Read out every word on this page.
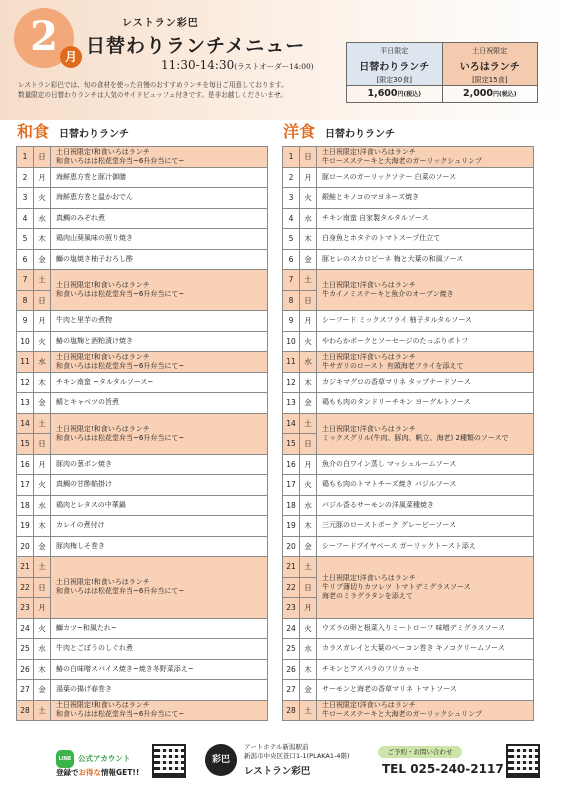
2 月
レストラン彩巴
日替わりランチメニュー
11:30-14:30(ラストオーダー14:00)
レストラン彩巴では、旬の食材を使った自慢のおすすめランチを毎日ご用意しております。
数量限定の日替わりランチは人気のサイドビュッフェ付きです。是非お越しくださいませ。
平日限定
日替わりランチ
[限定30食]
土日祝限定
いろはランチ
[限定15食]
1,600円(税込)	2,000円(税込)
和食 日替わりランチ	洋食 日替わりランチ
1	日	土日祝限定!和食いろはランチ
和食いろはは松花堂弁当~6升弁当にて~

2	月	海鮮恵方巻と豚汁御膳

3	火	海鮮恵方巻と温かおでん

4	水	真鯛のみぞれ煮

5	木	鶏肉山葵風味の照り焼き

6	金	鰤の塩焼き柚子おろし酢

7	土	土日祝限定!和食いろはランチ
和食いろはは松花堂弁当~6升弁当にて~

8	日	
9	月	牛肉と里芋の煮物

10	火	鰆の塩麹と酒粕漬け焼き

11	水	土日祝限定!和食いろはランチ
和食いろはは松花堂弁当~6升弁当にて~

12	木	チキン南蛮 ~タルタルソース~

13	金	鯖とキャベツの旨煮

14	土	土日祝限定!和食いろはランチ
和食いろはは松花堂弁当~6升弁当にて~

15	日	
16	月	豚肉の葱ポン焼き

17	火	真鯛の甘酢餡掛け

18	水	鶏肉とレタスの中華鍋

19	木	カレイの煮付け

20	金	豚肉梅しそ巻き

21	土	土日祝限定!和食いろはランチ
和食いろはは松花堂弁当~6升弁当にて~

22	日	
23	月	
24	火	鰤カツ~和風たれ~

25	水	牛肉とごぼうのしぐれ煮

26	木	鰆の白味噌スパイス焼き~焼き冬野菜添え~

27	金	湯葉の揚げ春巻き

28	土	土日祝限定!和食いろはランチ
和食いろはは松花堂弁当~6升弁当にて~
1	日	土日祝限定!洋食いろはランチ
牛ロースステーキと大海老のガーリックシュリンプ

2	月	豚ロースのガーリックソテー 白菜のソース

3	火	銀鮭とキノコのマヨネーズ焼き

4	水	チキン南蛮 自家製タルタルソース

5	木	白身魚とホタテのトマトスープ仕立て

6	金	豚ヒレのスカロピーネ 梅と大葉の和風ソース

7	土	土日祝限定!洋食いろはランチ
牛カイノミステーキと魚介のオーブン焼き

8	日	
9	月	シーフード ミックスフライ 柚子タルタルソース

10	火	やわらかポークとソーセージのたっぷりポトフ

11	水	土日祝限定!洋食いろはランチ
牛サガリのロースト 有頭海老フライを添えて

12	木	カジキマグロの香草マリネ タップナードソース

13	金	鶏もも肉のタンドリーチキン ヨーグルトソース

14	土	土日祝限定!洋食いろはランチ
ミックスグリル(牛肉、豚肉、帆立、海老) 2種類のソースで

15	日	
16	月	魚介の白ワイン蒸し マッシュルームソース

17	火	鶏もも肉のトマトチーズ焼き バジルソース

18	水	バジル香るサーモンの洋風菜種焼き

19	木	三元豚のローストポーク グレービーソース

20	金	シーフードブイヤベース ガーリックトースト添え

21	土	土日祝限定!洋食いろはランチ
牛リブ薄切りカツレツ トマトデミグラスソース
海老のミラグラタンを添えて

22	日	
23	月	
24	火	ウズラの卵と根菜入りミートローフ 味噌デミグラスソース

25	水	カラスガレイと大葉のベーコン巻き キノコクリームソース

26	木	チキンとアスパラのフリカッセ

27	金	サーモンと海老の香草マリネ トマトソース

28	土	土日祝限定!洋食いろはランチ
牛ロースステーキと大海老のガーリックシュリンプ
LINE 公式アカウント
登録でお得な情報GET!!
彩巴
アートホテル新潟駅前
新潟市中央区笹口1-1(PLAKA1-4階)
レストラン彩巴
ご予約・お問い合わせ
TEL 025-240-2117
